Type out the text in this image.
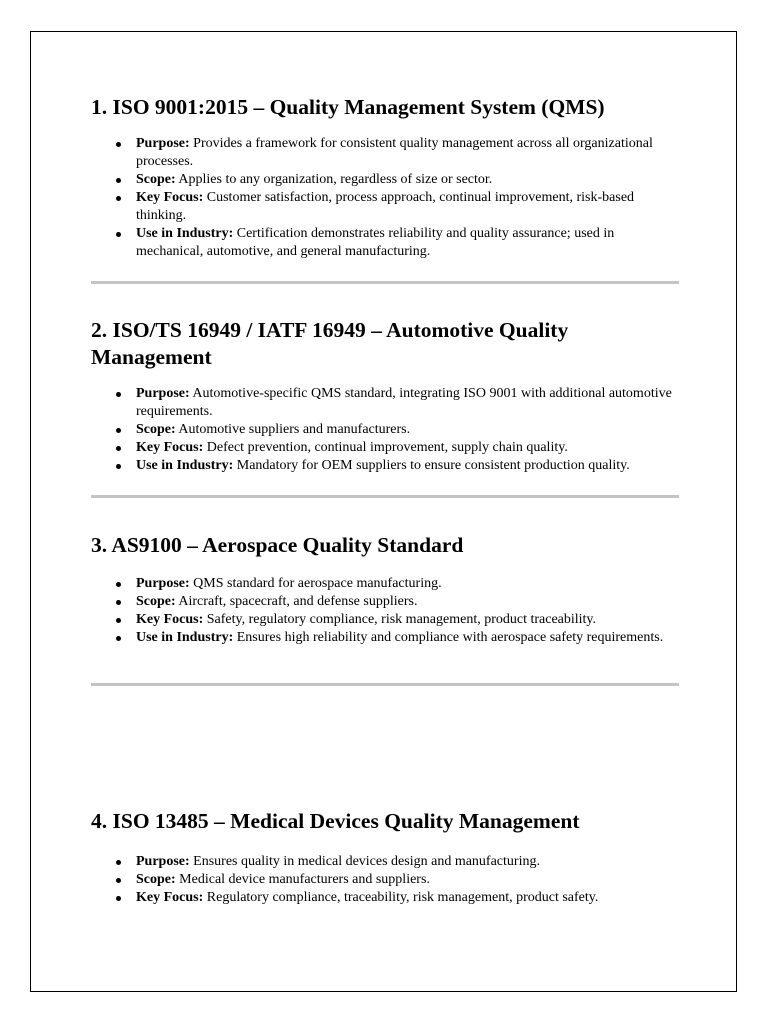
1. ISO 9001:2015 – Quality Management System (QMS)
Purpose: Provides a framework for consistent quality management across all organizational processes.
Scope: Applies to any organization, regardless of size or sector.
Key Focus: Customer satisfaction, process approach, continual improvement, risk-based thinking.
Use in Industry: Certification demonstrates reliability and quality assurance; used in mechanical, automotive, and general manufacturing.
2. ISO/TS 16949 / IATF 16949 – Automotive Quality Management
Purpose: Automotive-specific QMS standard, integrating ISO 9001 with additional automotive requirements.
Scope: Automotive suppliers and manufacturers.
Key Focus: Defect prevention, continual improvement, supply chain quality.
Use in Industry: Mandatory for OEM suppliers to ensure consistent production quality.
3. AS9100 – Aerospace Quality Standard
Purpose: QMS standard for aerospace manufacturing.
Scope: Aircraft, spacecraft, and defense suppliers.
Key Focus: Safety, regulatory compliance, risk management, product traceability.
Use in Industry: Ensures high reliability and compliance with aerospace safety requirements.
4. ISO 13485 – Medical Devices Quality Management
Purpose: Ensures quality in medical devices design and manufacturing.
Scope: Medical device manufacturers and suppliers.
Key Focus: Regulatory compliance, traceability, risk management, product safety.
